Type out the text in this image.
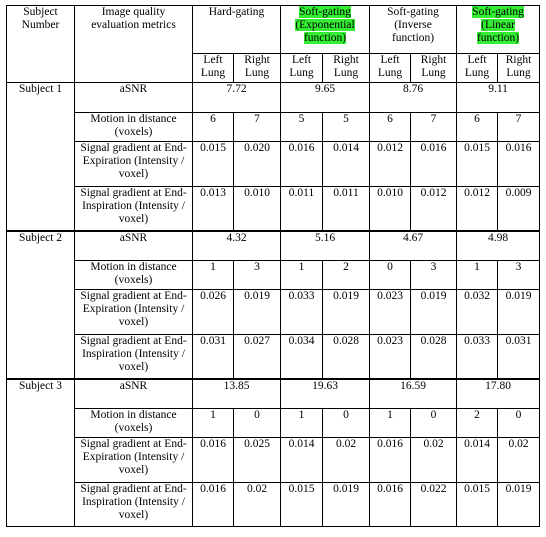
Subject Number	Image quality evaluation metrics	Hard-gating		Soft-gating (Exponential function)		Soft-gating (Inverse function)		Soft-gating (Linear function)	
		Left Lung	Right Lung	Left Lung	Right Lung	Left Lung	Right Lung	Left Lung	Right Lung
Subject 1	aSNR	7.72		9.65		8.76		9.11	
	Motion in distance (voxels)	6	7	5	5	6	7	6	7
	Signal gradient at End-Expiration (Intensity / voxel)	0.015	0.020	0.016	0.014	0.012	0.016	0.015	0.016
	Signal gradient at End-Inspiration (Intensity / voxel)	0.013	0.010	0.011	0.011	0.010	0.012	0.012	0.009
Subject 2	aSNR	4.32		5.16		4.67		4.98	
	Motion in distance (voxels)	1	3	1	2	0	3	1	3
	Signal gradient at End-Expiration (Intensity / voxel)	0.026	0.019	0.033	0.019	0.023	0.019	0.032	0.019
	Signal gradient at End-Inspiration (Intensity / voxel)	0.031	0.027	0.034	0.028	0.023	0.028	0.033	0.031
Subject 3	aSNR	13.85		19.63		16.59		17.80	
	Motion in distance (voxels)	1	0	1	0	1	0	2	0
	Signal gradient at End-Expiration (Intensity / voxel)	0.016	0.025	0.014	0.02	0.016	0.02	0.014	0.02
	Signal gradient at End-Inspiration (Intensity / voxel)	0.016	0.02	0.015	0.019	0.016	0.022	0.015	0.019
